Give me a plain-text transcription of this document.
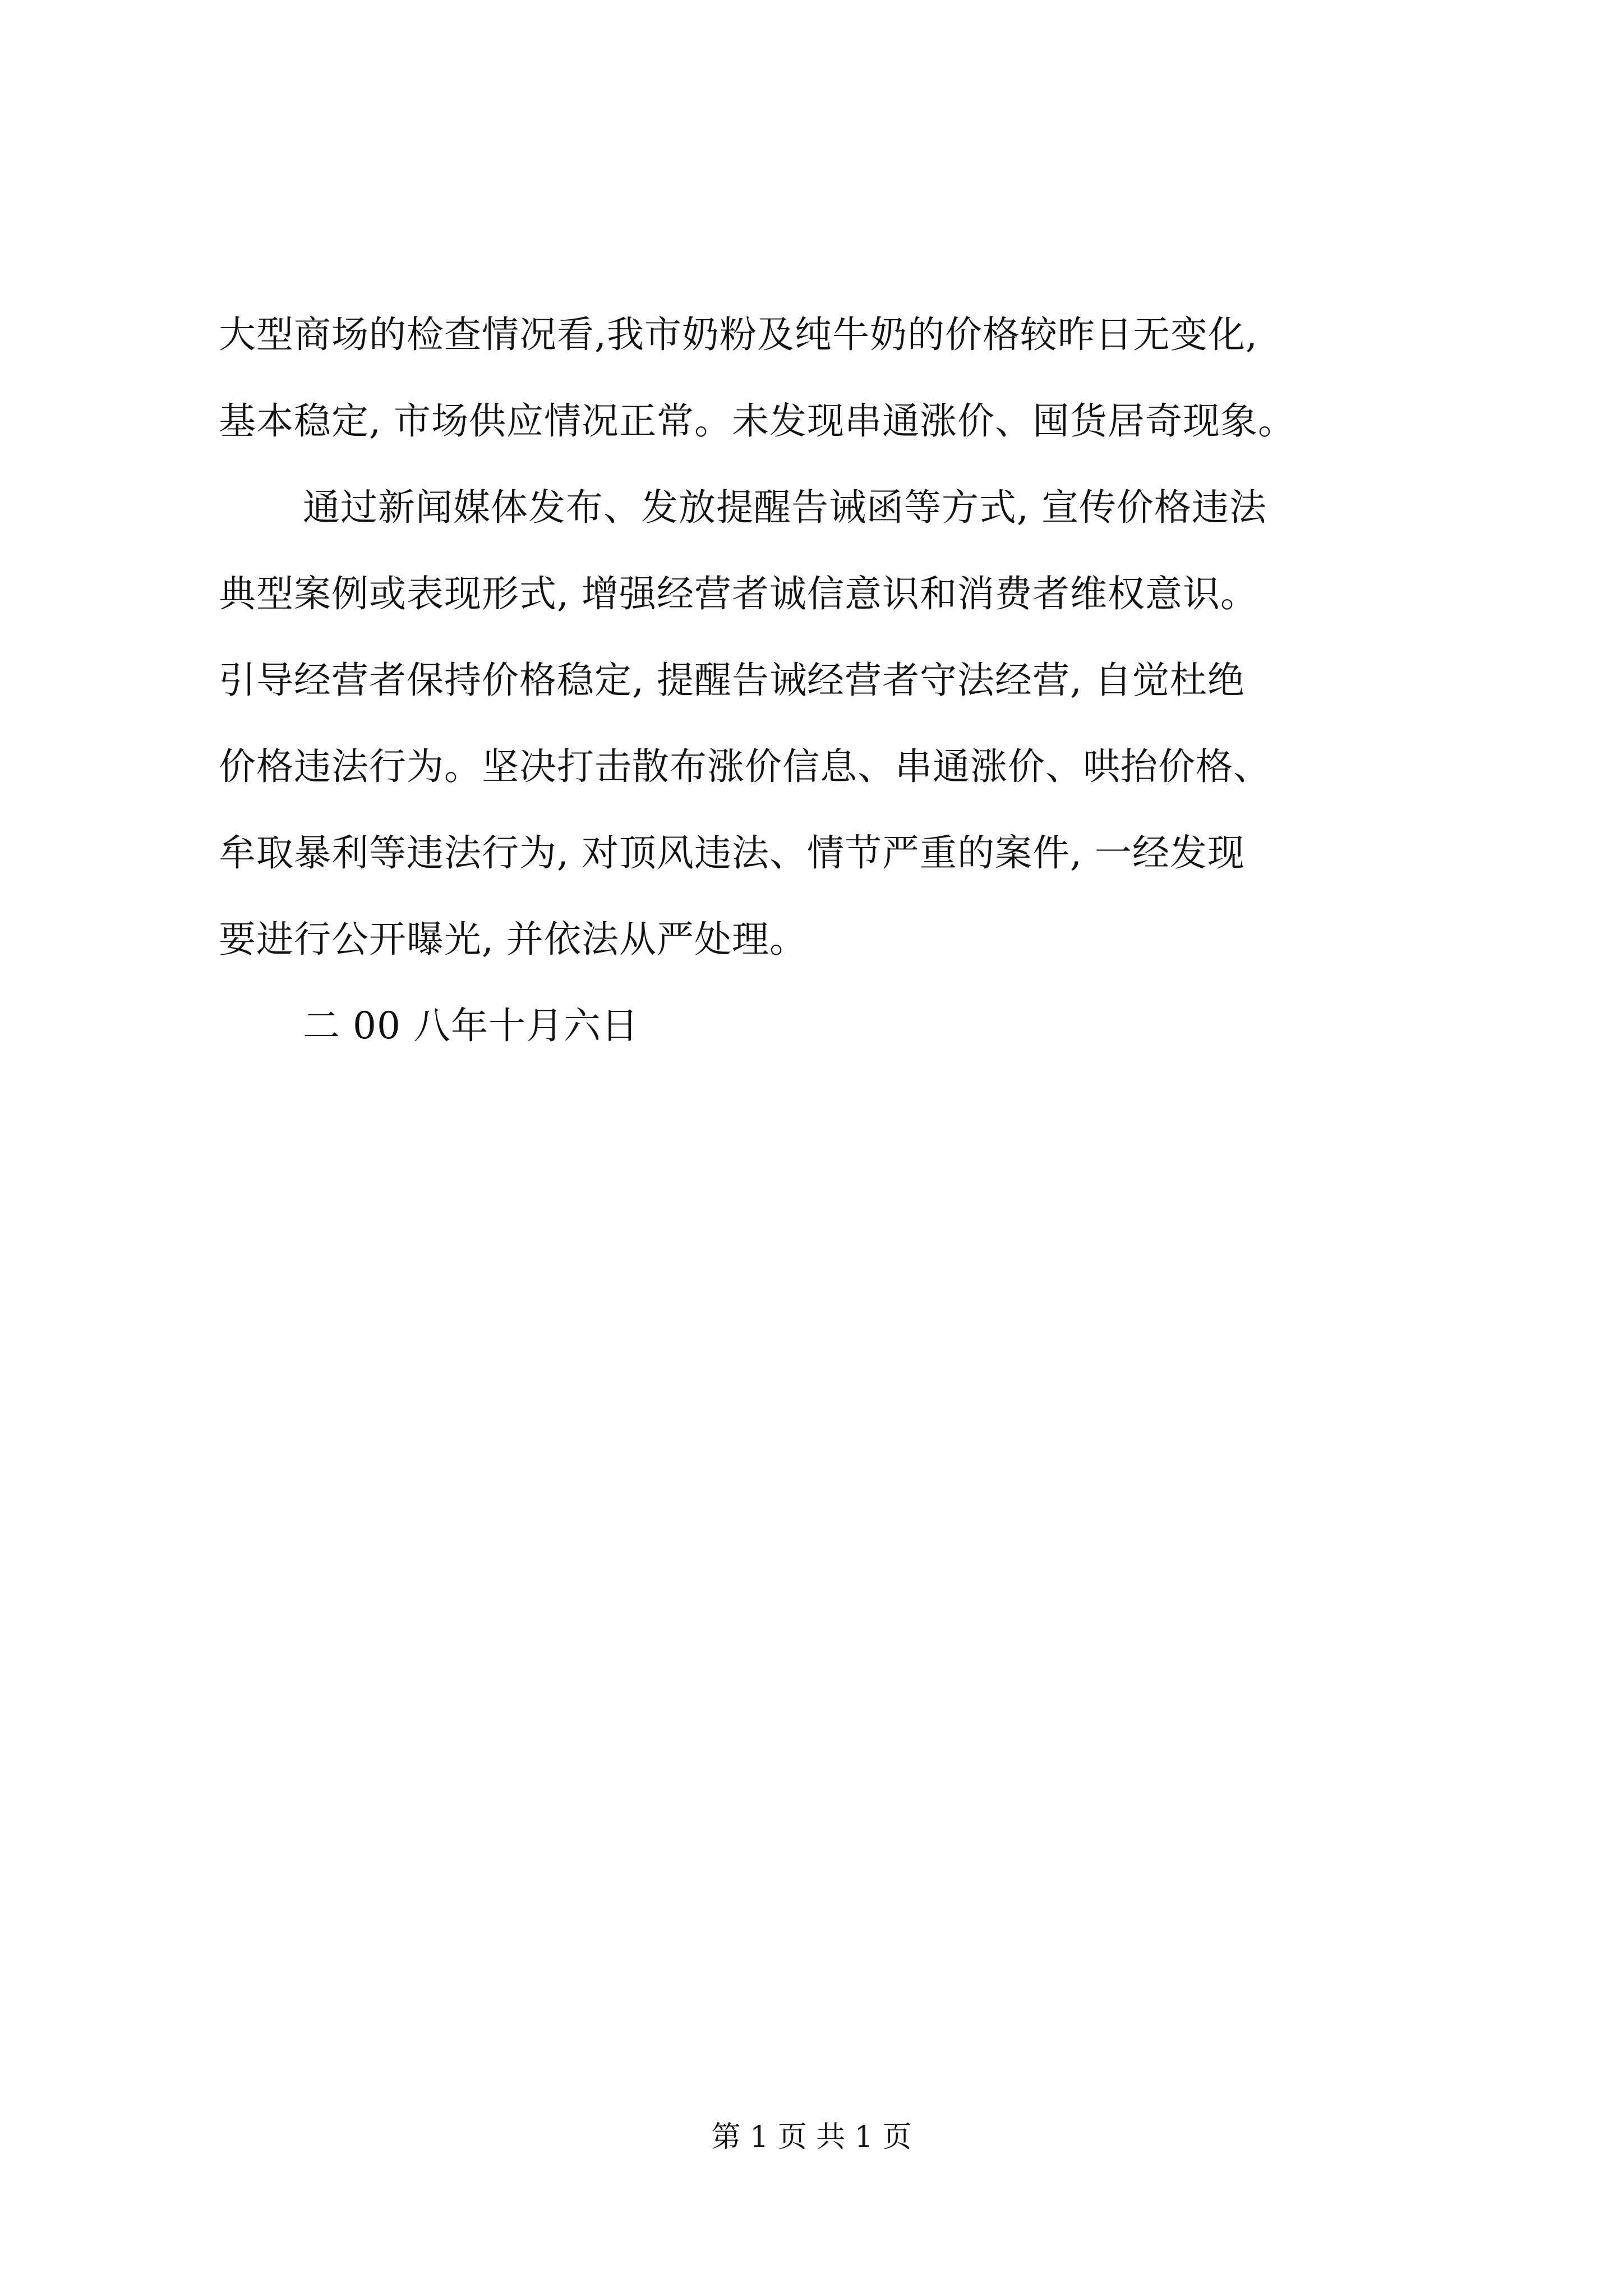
大型商场的检查情况看,我市奶粉及纯牛奶的价格较昨日无变化,
基本稳定, 市场供应情况正常。未发现串通涨价、囤货居奇现象。
通过新闻媒体发布、发放提醒告诫函等方式, 宣传价格违法
典型案例或表现形式, 增强经营者诚信意识和消费者维权意识。
引导经营者保持价格稳定, 提醒告诫经营者守法经营, 自觉杜绝
价格违法行为。坚决打击散布涨价信息、串通涨价、哄抬价格、
牟取暴利等违法行为, 对顶风违法、情节严重的案件, 一经发现
要进行公开曝光, 并依法从严处理。
二 00 八年十月六日
第 1 页 共 1 页
